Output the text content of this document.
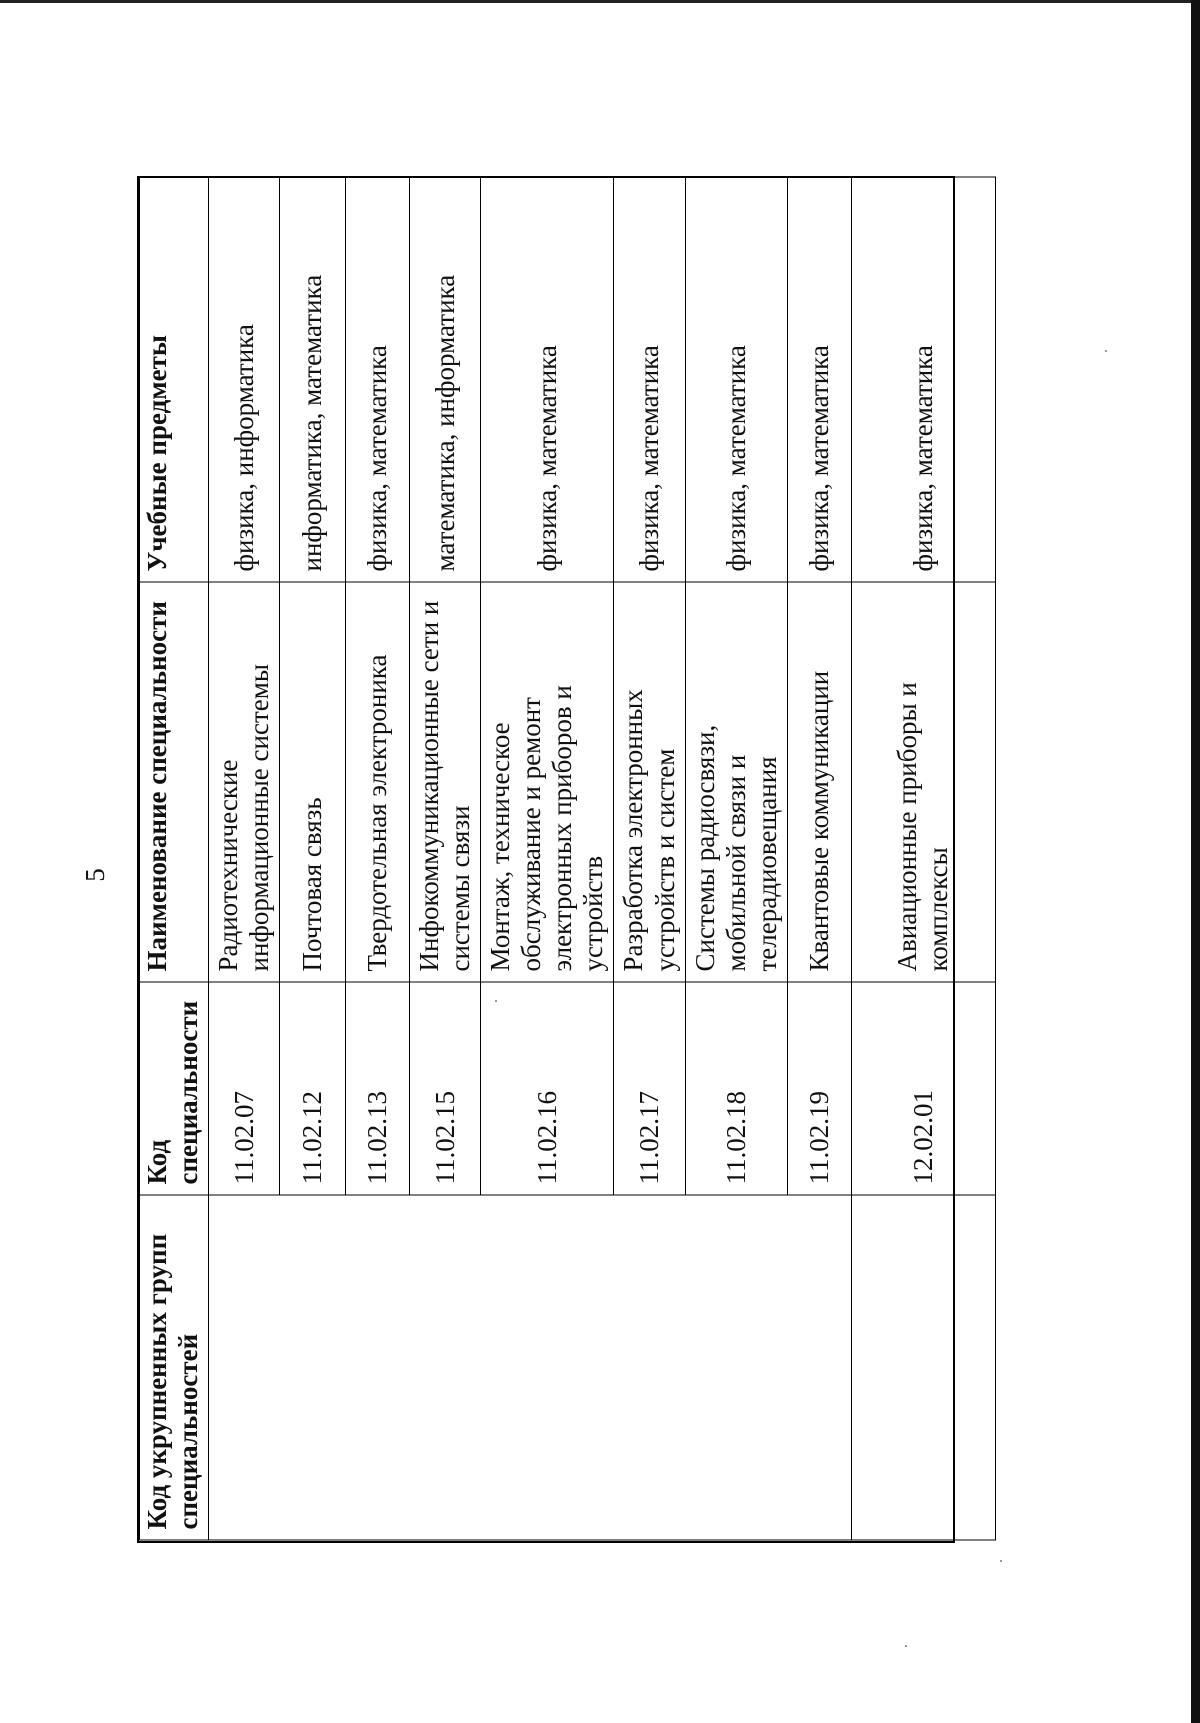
5
Код укрупненных групп специальностей	Код специальности	Наименование специальности	Учебные предметы
	11.02.07	Радиотехнические информационные системы	физика, информатика
	11.02.12	Почтовая связь	информатика, математика
	11.02.13	Твердотельная электроника	физика, математика
	11.02.15	Инфокоммуникационные сети и системы связи	математика, информатика
	11.02.16	Монтаж, техническое обслуживание и ремонт электронных приборов и устройств	физика, математика
	11.02.17	Разработка электронных устройств и систем	физика, математика
	11.02.18	Системы радиосвязи, мобильной связи и телерадиовещания	физика, математика
	11.02.19	Квантовые коммуникации	физика, математика
	12.02.01	Авиационные приборы и комплексы	физика, математика
